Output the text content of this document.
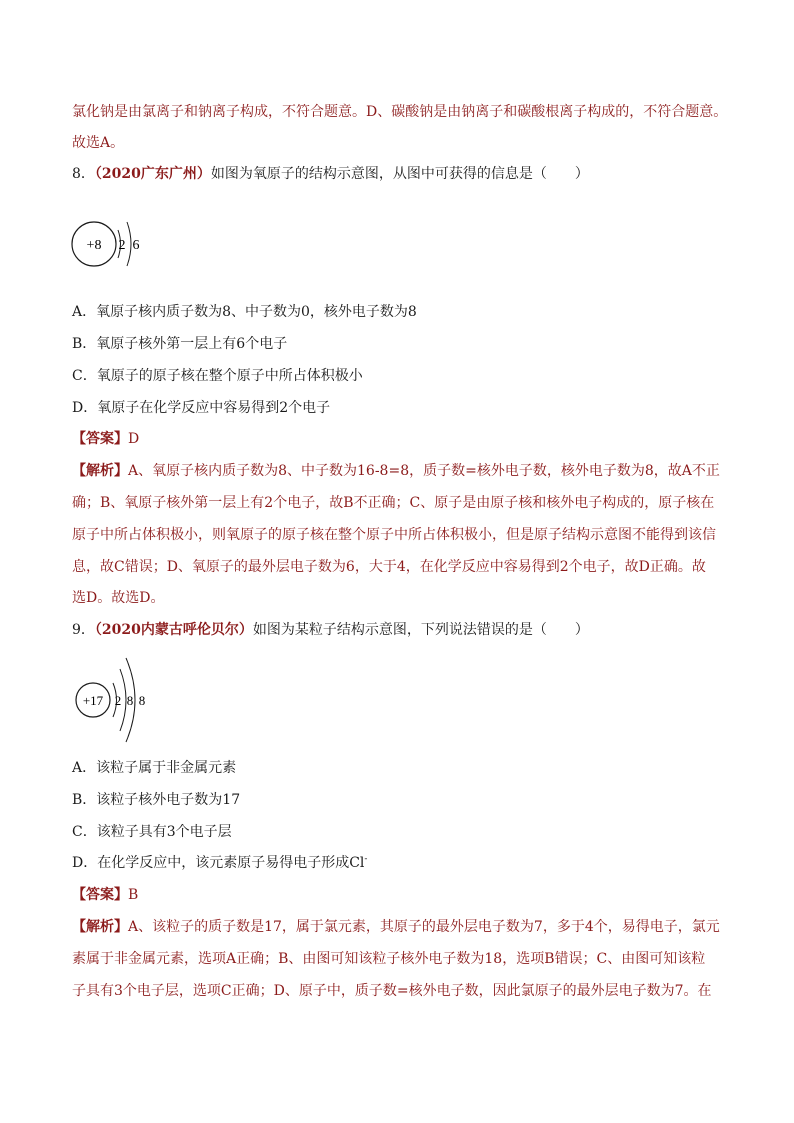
氯化钠是由氯离子和钠离子构成，不符合题意。D、碳酸钠是由钠离子和碳酸根离子构成的，不符合题意。
故选A。
8．（2020广东广州）如图为氧原子的结构示意图，从图中可获得的信息是（　　）
+8 2 6
A．氧原子核内质子数为8、中子数为0，核外电子数为8
B．氧原子核外第一层上有6个电子
C．氧原子的原子核在整个原子中所占体积极小
D．氧原子在化学反应中容易得到2个电子
【答案】D
【解析】A、氧原子核内质子数为8、中子数为16-8=8，质子数=核外电子数，核外电子数为8，故A不正
确；B、氧原子核外第一层上有2个电子，故B不正确；C、原子是由原子核和核外电子构成的，原子核在
原子中所占体积极小，则氧原子的原子核在整个原子中所占体积极小，但是原子结构示意图不能得到该信
息，故C错误；D、氧原子的最外层电子数为6，大于4，在化学反应中容易得到2个电子，故D正确。故
选D。故选D。
9．（2020内蒙古呼伦贝尔）如图为某粒子结构示意图，下列说法错误的是（　　）
+17 2 8 8
A．该粒子属于非金属元素
B．该粒子核外电子数为17
C．该粒子具有3个电子层
D．在化学反应中，该元素原子易得电子形成Cl-
【答案】B
【解析】A、该粒子的质子数是17，属于氯元素，其原子的最外层电子数为7，多于4个，易得电子，氯元
素属于非金属元素，选项A正确；B、由图可知该粒子核外电子数为18，选项B错误；C、由图可知该粒
子具有3个电子层，选项C正确；D、原子中，质子数=核外电子数，因此氯原子的最外层电子数为7。在
